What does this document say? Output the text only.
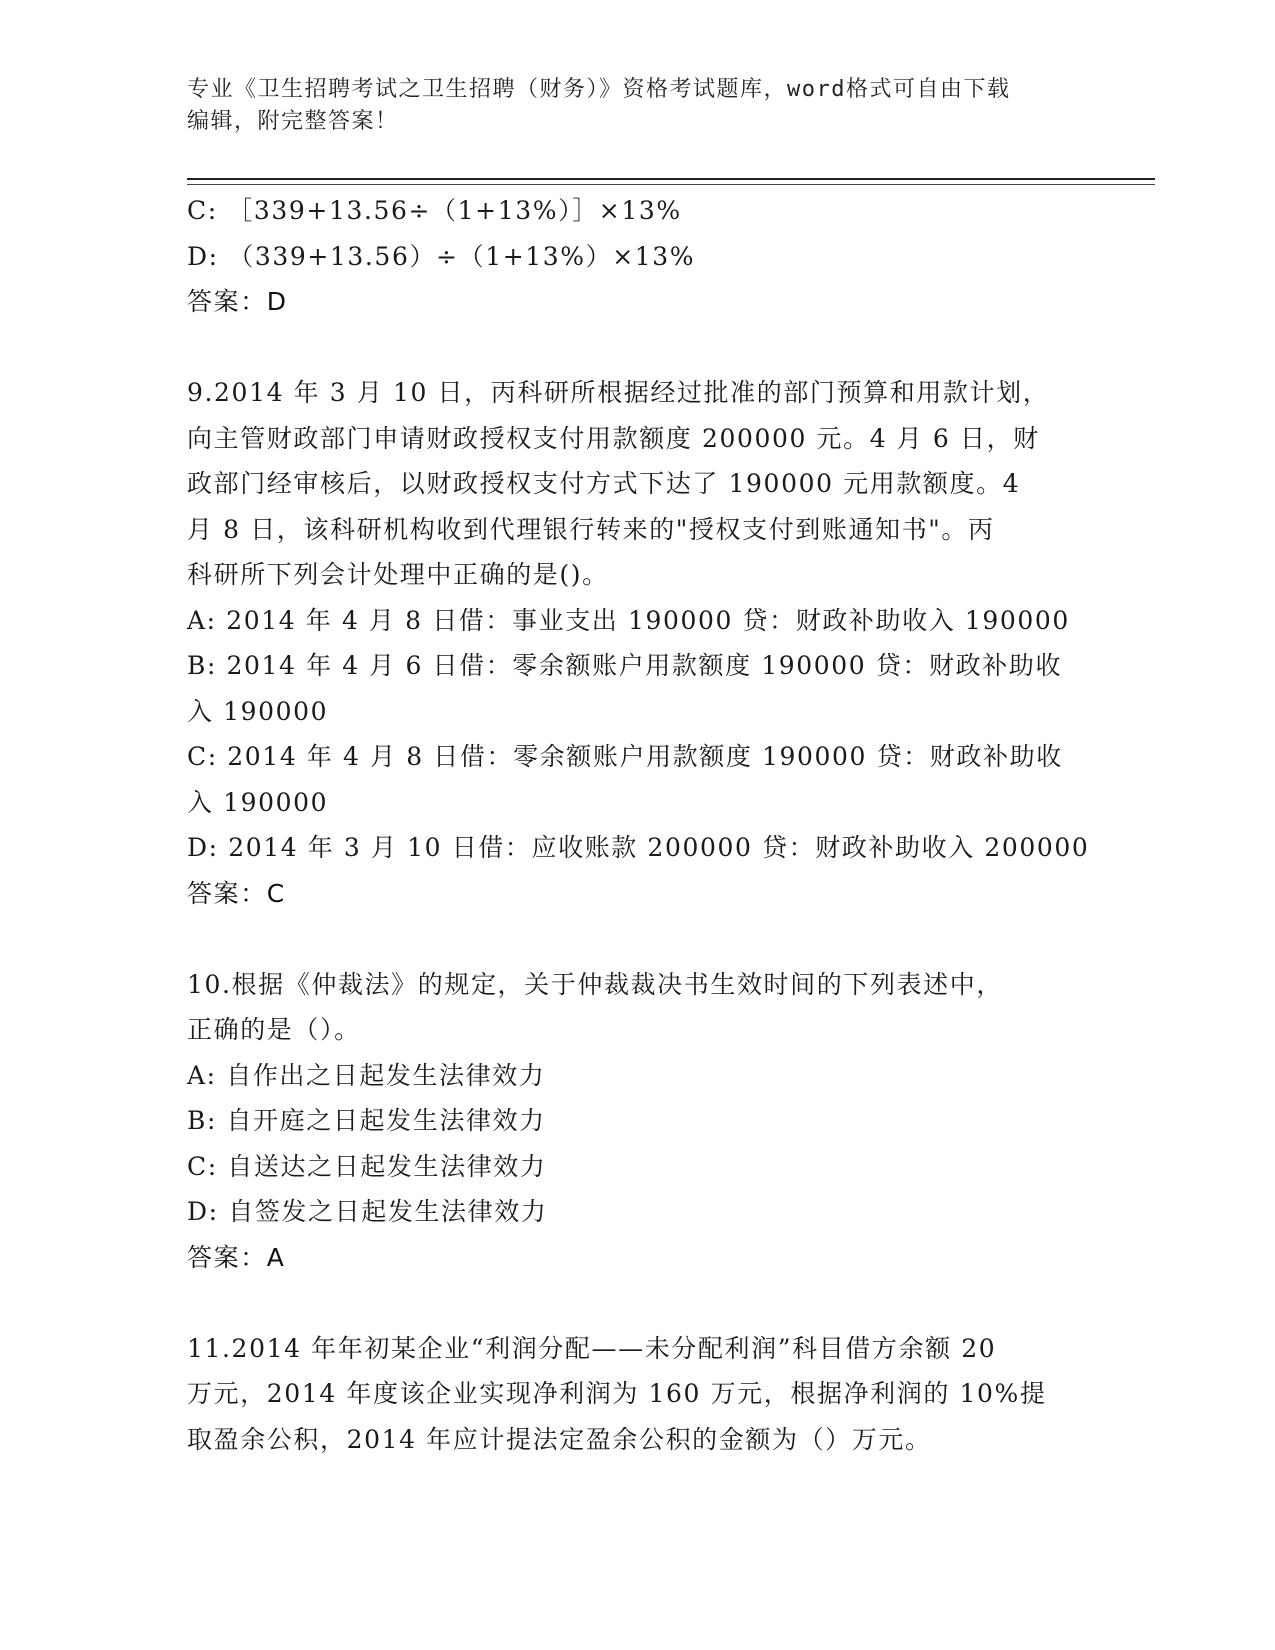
专业《卫生招聘考试之卫生招聘（财务）》资格考试题库，word格式可自由下载
编辑，附完整答案！
C: ［339+13.56÷（1+13%）］×13%
D: （339+13.56）÷（1+13%）×13%
答案：D
9.2014 年 3 月 10 日，丙科研所根据经过批准的部门预算和用款计划，
向主管财政部门申请财政授权支付用款额度 200000 元。4 月 6 日，财
政部门经审核后，以财政授权支付方式下达了 190000 元用款额度。4
月 8 日，该科研机构收到代理银行转来的"授权支付到账通知书"。丙
科研所下列会计处理中正确的是()。
A: 2014 年 4 月 8 日借：事业支出 190000 贷：财政补助收入 190000
B: 2014 年 4 月 6 日借：零余额账户用款额度 190000 贷：财政补助收
入 190000
C: 2014 年 4 月 8 日借：零余额账户用款额度 190000 贷：财政补助收
入 190000
D: 2014 年 3 月 10 日借：应收账款 200000 贷：财政补助收入 200000
答案：C
10.根据《仲裁法》的规定，关于仲裁裁决书生效时间的下列表述中，
正确的是（）。
A: 自作出之日起发生法律效力
B: 自开庭之日起发生法律效力
C: 自送达之日起发生法律效力
D: 自签发之日起发生法律效力
答案：A
11.2014 年年初某企业“利润分配——未分配利润”科目借方余额 20
万元，2014 年度该企业实现净利润为 160 万元，根据净利润的 10%提
取盈余公积，2014 年应计提法定盈余公积的金额为（）万元。
